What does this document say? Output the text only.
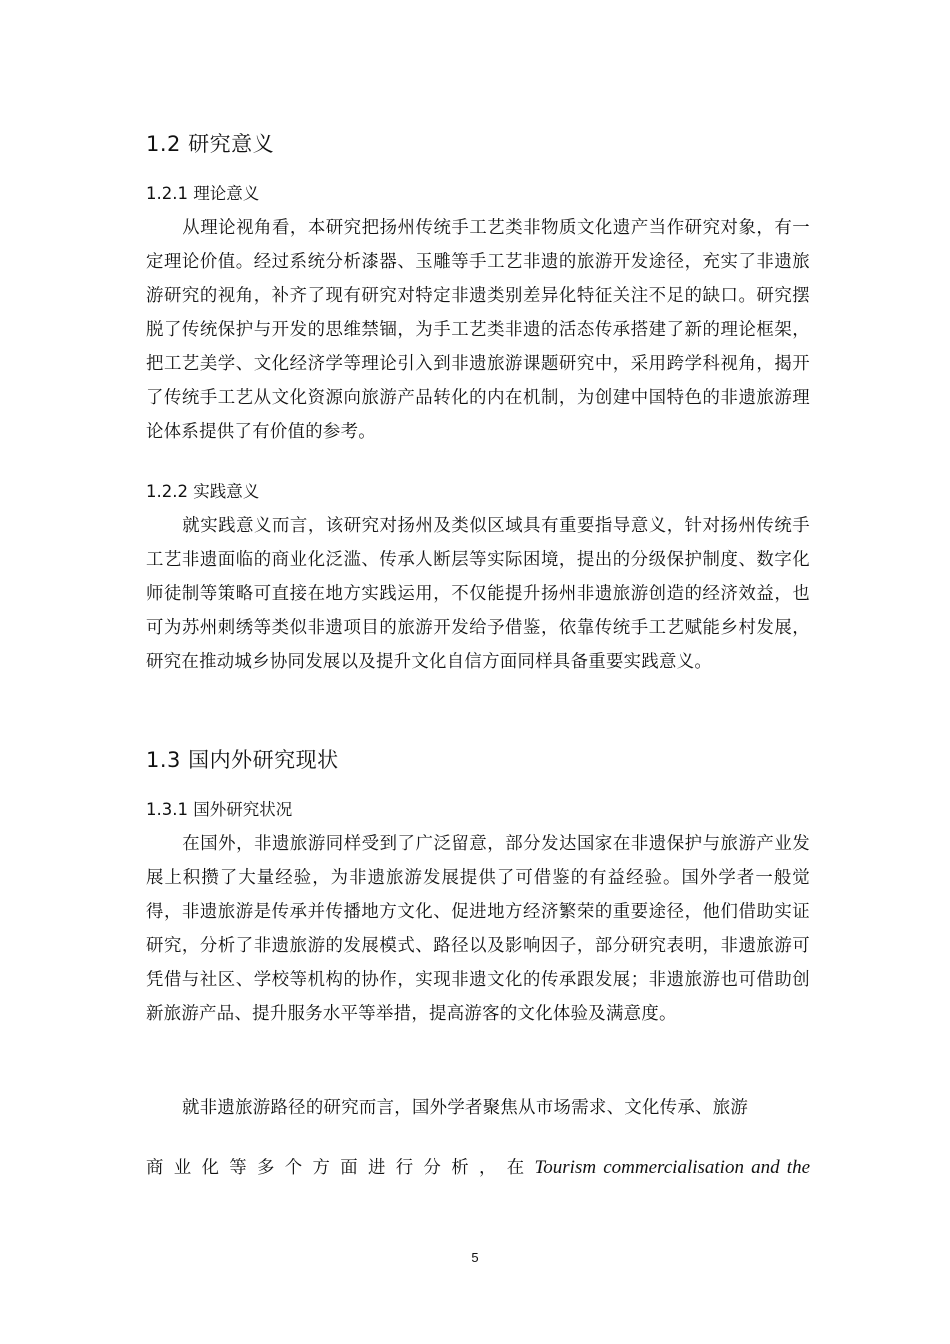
1.2 研究意义
1.2.1 理论意义

从理论视角看，本研究把扬州传统手工艺类非物质文化遗产当作研究对象，有一定理论价值。经过系统分析漆器、玉雕等手工艺非遗的旅游开发途径，充实了非遗旅游研究的视角，补齐了现有研究对特定非遗类别差异化特征关注不足的缺口。研究摆脱了传统保护与开发的思维禁锢，为手工艺类非遗的活态传承搭建了新的理论框架，把工艺美学、文化经济学等理论引入到非遗旅游课题研究中，采用跨学科视角，揭开了传统手工艺从文化资源向旅游产品转化的内在机制，为创建中国特色的非遗旅游理论体系提供了有价值的参考。

1.2.2 实践意义

就实践意义而言，该研究对扬州及类似区域具有重要指导意义，针对扬州传统手工艺非遗面临的商业化泛滥、传承人断层等实际困境，提出的分级保护制度、数字化师徒制等策略可直接在地方实践运用，不仅能提升扬州非遗旅游创造的经济效益，也可为苏州刺绣等类似非遗项目的旅游开发给予借鉴，依靠传统手工艺赋能乡村发展，研究在推动城乡协同发展以及提升文化自信方面同样具备重要实践意义。

1.3 国内外研究现状
1.3.1 国外研究状况

在国外，非遗旅游同样受到了广泛留意，部分发达国家在非遗保护与旅游产业发展上积攒了大量经验，为非遗旅游发展提供了可借鉴的有益经验。国外学者一般觉得，非遗旅游是传承并传播地方文化、促进地方经济繁荣的重要途径，他们借助实证研究，分析了非遗旅游的发展模式、路径以及影响因子，部分研究表明，非遗旅游可凭借与社区、学校等机构的协作，实现非遗文化的传承跟发展；非遗旅游也可借助创新旅游产品、提升服务水平等举措，提高游客的文化体验及满意度。

就非遗旅游路径的研究而言，国外学者聚焦从市场需求、文化传承、旅游

商 业 化 等 多 个 方 面 进 行 分 析 ， 在 Tourism commercialisation and the
5
